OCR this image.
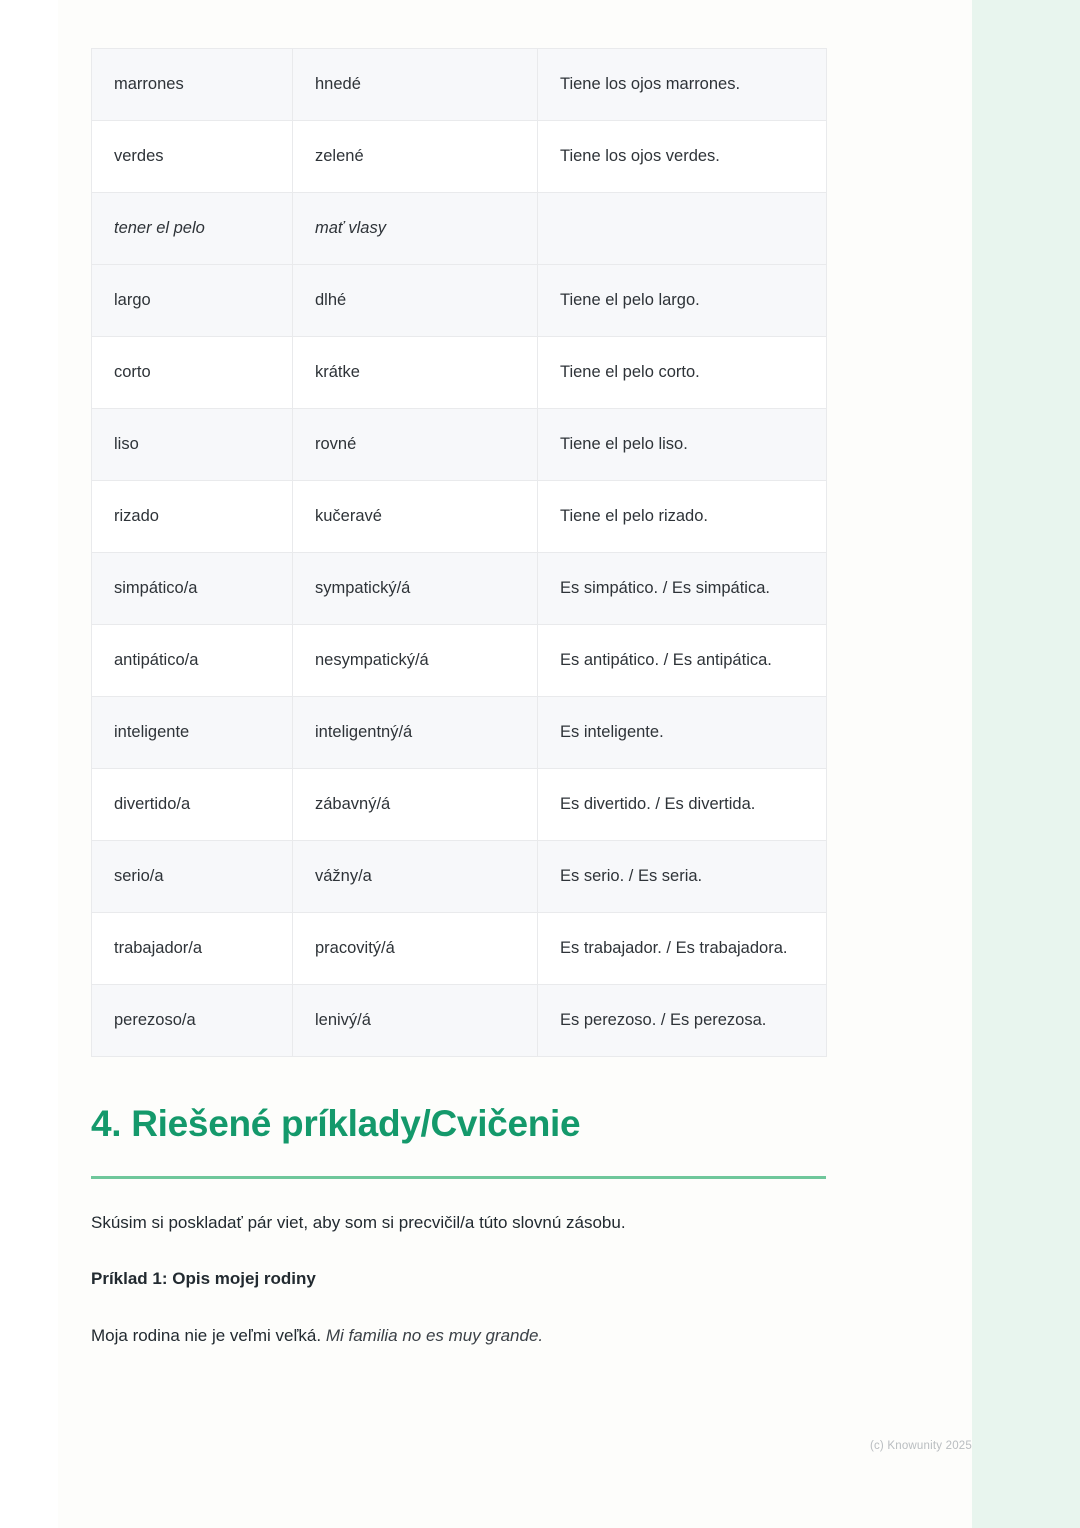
marrones	hnedé	Tiene los ojos marrones.
verdes	zelené	Tiene los ojos verdes.
tener el pelo	mať vlasy	
largo	dlhé	Tiene el pelo largo.
corto	krátke	Tiene el pelo corto.
liso	rovné	Tiene el pelo liso.
rizado	kučeravé	Tiene el pelo rizado.
simpático/a	sympatický/á	Es simpático. / Es simpática.
antipático/a	nesympatický/á	Es antipático. / Es antipática.
inteligente	inteligentný/á	Es inteligente.
divertido/a	zábavný/á	Es divertido. / Es divertida.
serio/a	vážny/a	Es serio. / Es seria.
trabajador/a	pracovitý/á	Es trabajador. / Es trabajadora.
perezoso/a	lenivý/á	Es perezoso. / Es perezosa.
4. Riešené príklady/Cvičenie

Skúsim si poskladať pár viet, aby som si precvičil/a túto slovnú zásobu.

Príklad 1: Opis mojej rodiny

Moja rodina nie je veľmi veľká. Mi familia no es muy grande.

(c) Knowunity 2025
